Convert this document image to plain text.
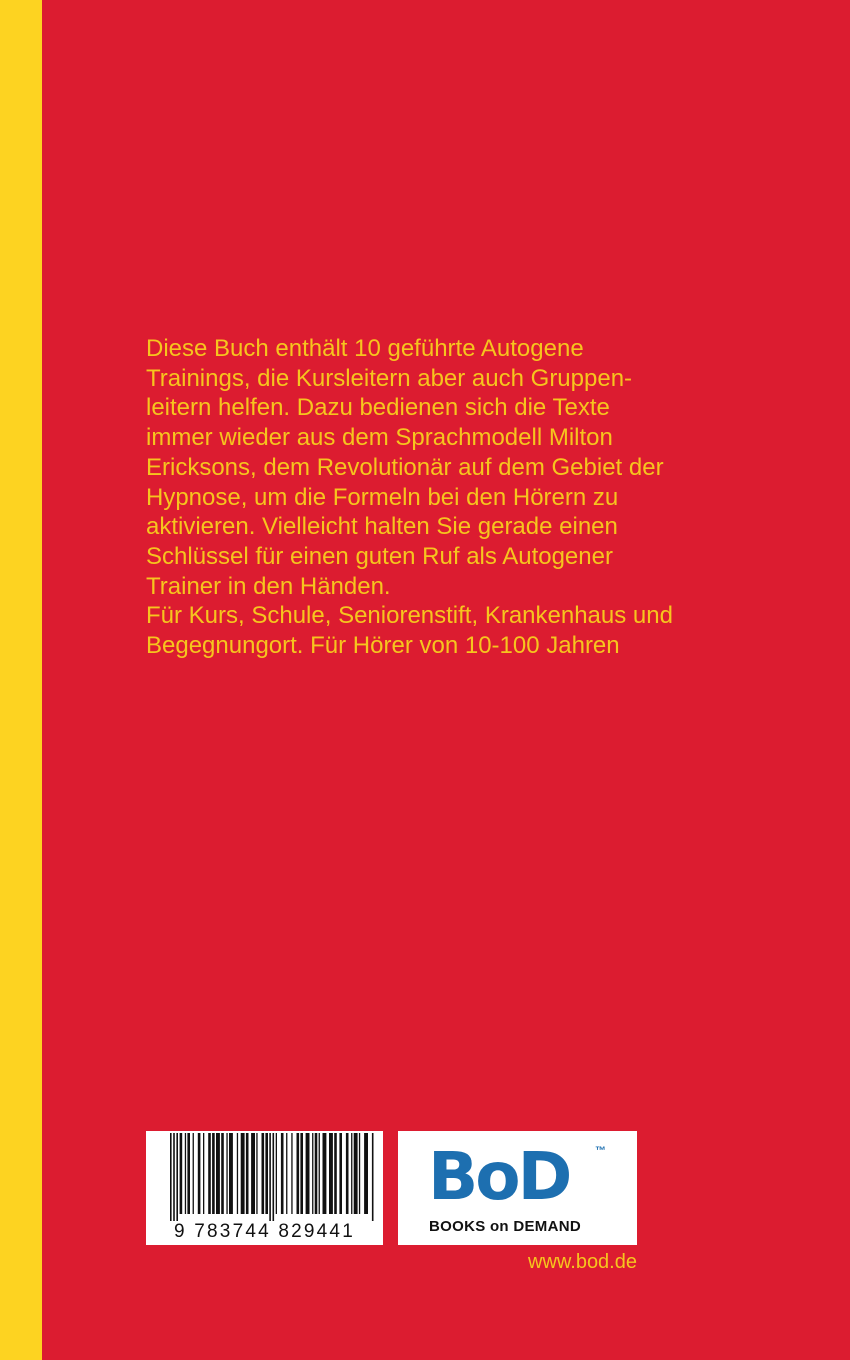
Diese Buch enthält 10 geführte Autogene
Trainings, die Kursleitern aber auch Gruppen-
leitern helfen. Dazu bedienen sich die Texte
immer wieder aus dem Sprachmodell Milton
Ericksons, dem Revolutionär auf dem Gebiet der
Hypnose, um die Formeln bei den Hörern zu
aktivieren. Vielleicht halten Sie gerade einen
Schlüssel für einen guten Ruf als Autogener
Trainer in den Händen.

Für Kurs, Schule, Seniorenstift, Krankenhaus und
Begegnungort. Für Hörer von 10-100 Jahren

9 783744 829441
BoD ™
BOOKS on DEMAND
www.bod.de
